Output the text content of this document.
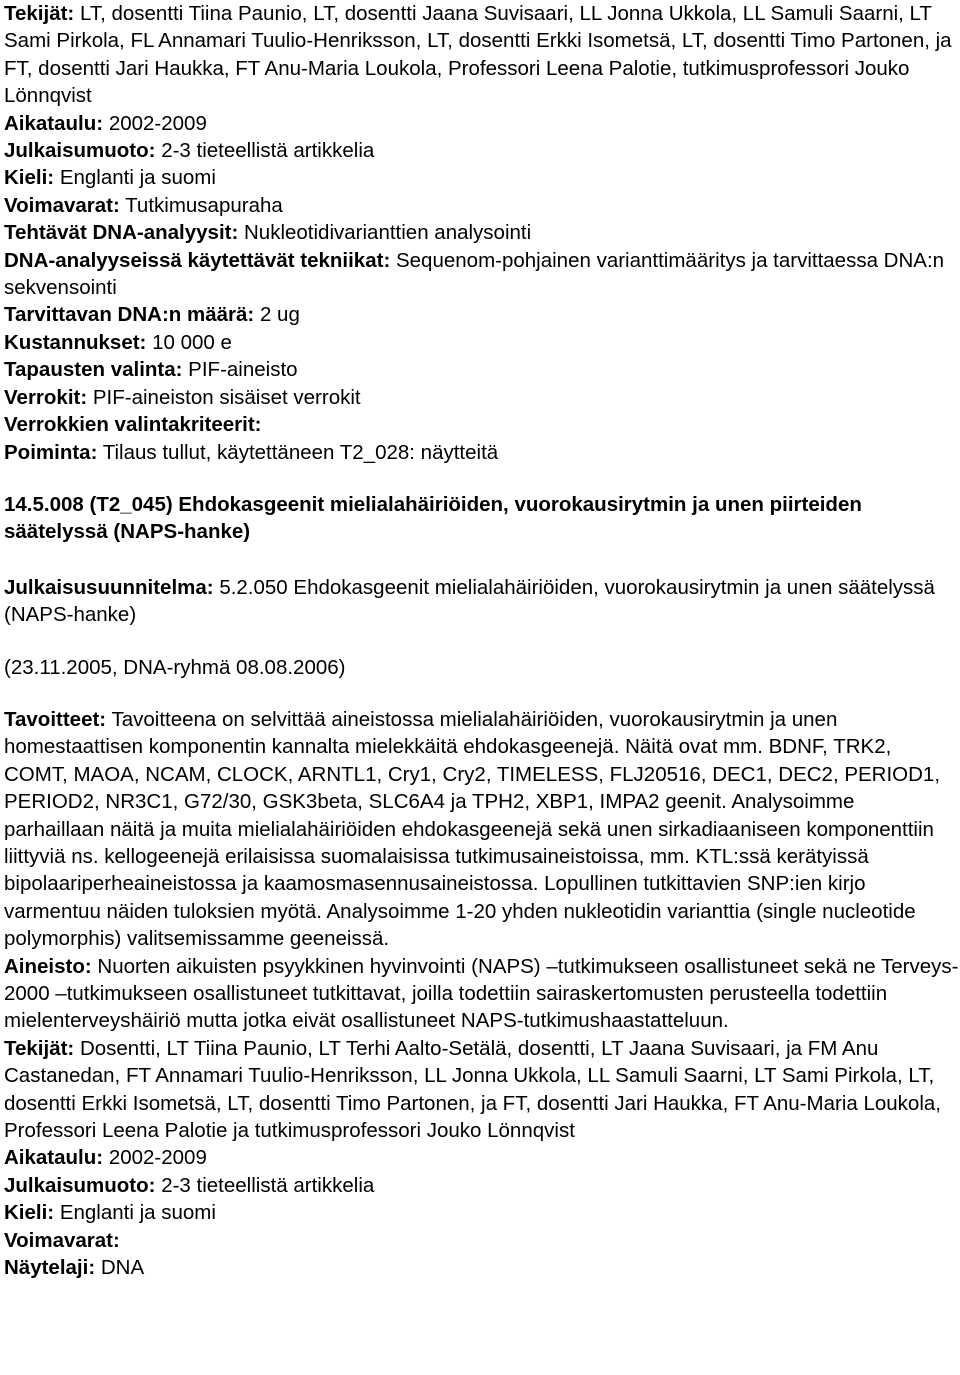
Tekijät: LT, dosentti Tiina Paunio, LT, dosentti Jaana Suvisaari, LL Jonna Ukkola, LL Samuli Saarni, LT Sami Pirkola, FL Annamari Tuulio-Henriksson, LT, dosentti Erkki Isometsä, LT, dosentti Timo Partonen, ja FT, dosentti Jari Haukka, FT Anu-Maria Loukola, Professori Leena Palotie, tutkimusprofessori Jouko Lönnqvist

Aikataulu: 2002-2009

Julkaisumuoto: 2-3 tieteellistä artikkelia

Kieli: Englanti ja suomi

Voimavarat: Tutkimusapuraha

Tehtävät DNA-analyysit: Nukleotidivarianttien analysointi

DNA-analyyseissä käytettävät tekniikat: Sequenom-pohjainen varianttimääritys ja tarvittaessa DNA:n sekvensointi

Tarvittavan DNA:n määrä: 2 ug

Kustannukset: 10 000 e

Tapausten valinta: PIF-aineisto

Verrokit: PIF-aineiston sisäiset verrokit

Verrokkien valintakriteerit:

Poiminta: Tilaus tullut, käytettäneen T2_028: näytteitä

14.5.008 (T2_045) Ehdokasgeenit mielialahäiriöiden, vuorokausirytmin ja unen piirteiden säätelyssä (NAPS-hanke)

Julkaisusuunnitelma: 5.2.050 Ehdokasgeenit mielialahäiriöiden, vuorokausirytmin ja unen säätelyssä (NAPS-hanke)

(23.11.2005, DNA-ryhmä 08.08.2006)

Tavoitteet: Tavoitteena on selvittää aineistossa mielialahäiriöiden, vuorokausirytmin ja unen homestaattisen komponentin kannalta mielekkäitä ehdokasgeenejä. Näitä ovat mm. BDNF, TRK2, COMT, MAOA, NCAM, CLOCK, ARNTL1, Cry1, Cry2, TIMELESS, FLJ20516, DEC1, DEC2, PERIOD1, PERIOD2, NR3C1, G72/30, GSK3beta, SLC6A4 ja TPH2, XBP1, IMPA2 geenit. Analysoimme parhaillaan näitä ja muita mielialahäiriöiden ehdokasgeenejä sekä unen sirkadiaaniseen komponenttiin liittyviä ns. kellogeenejä erilaisissa suomalaisissa tutkimusaineistoissa, mm. KTL:ssä kerätyissä bipolaariperheaineistossa ja kaamosmasennusaineistossa. Lopullinen tutkittavien SNP:ien kirjo varmentuu näiden tuloksien myötä. Analysoimme 1-20 yhden nukleotidin varianttia (single nucleotide polymorphis) valitsemissamme geeneissä.

Aineisto: Nuorten aikuisten psyykkinen hyvinvointi (NAPS) –tutkimukseen osallistuneet sekä ne Terveys- 2000 –tutkimukseen osallistuneet tutkittavat, joilla todettiin sairaskertomusten perusteella todettiin mielenterveyshäiriö mutta jotka eivät osallistuneet NAPS-tutkimushaastatteluun.

Tekijät: Dosentti, LT Tiina Paunio, LT Terhi Aalto-Setälä, dosentti, LT Jaana Suvisaari, ja FM Anu Castanedan, FT Annamari Tuulio-Henriksson, LL Jonna Ukkola, LL Samuli Saarni, LT Sami Pirkola, LT, dosentti Erkki Isometsä, LT, dosentti Timo Partonen, ja FT, dosentti Jari Haukka, FT Anu-Maria Loukola, Professori Leena Palotie ja tutkimusprofessori Jouko Lönnqvist

Aikataulu: 2002-2009

Julkaisumuoto: 2-3 tieteellistä artikkelia

Kieli: Englanti ja suomi

Voimavarat:

Näytelaji: DNA
